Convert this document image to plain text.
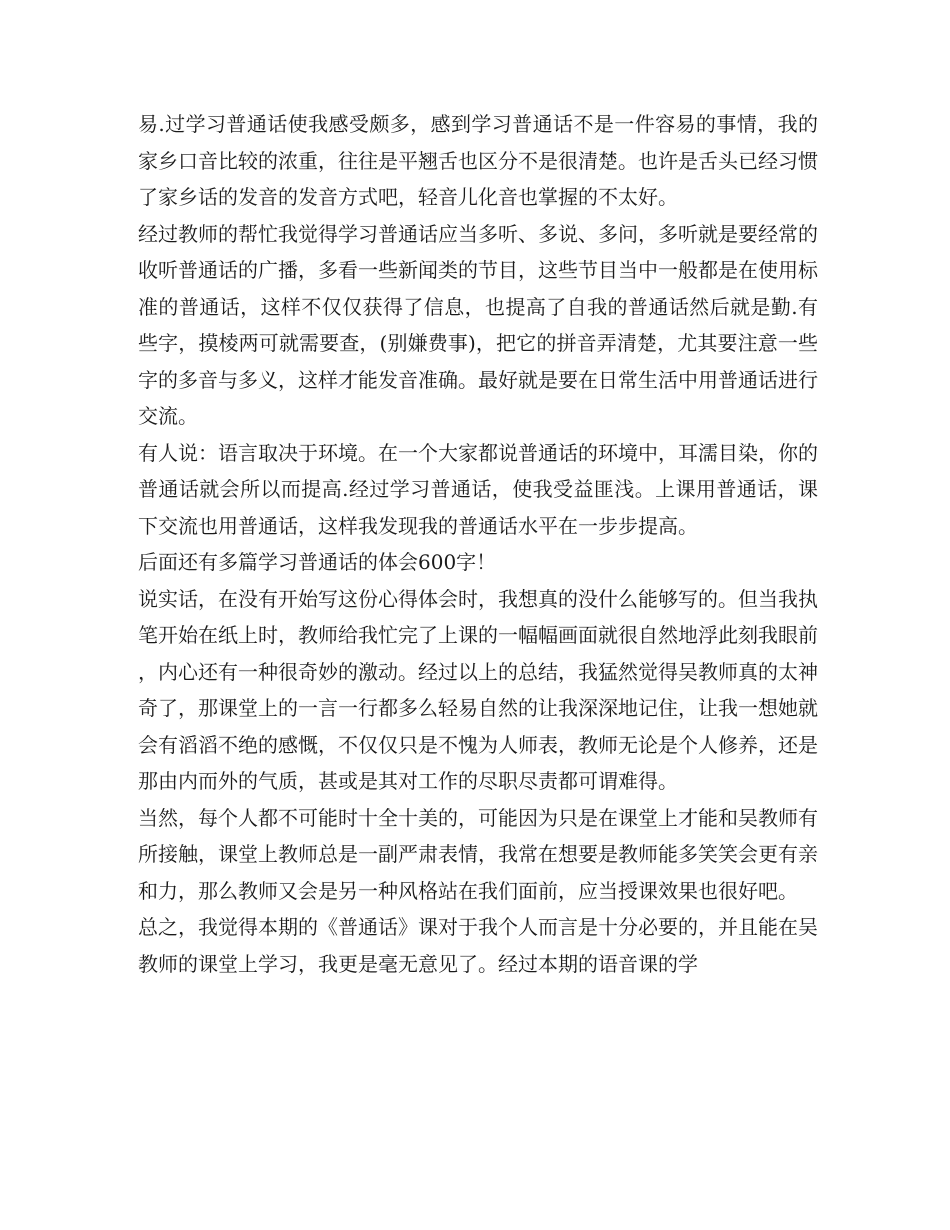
易.过学习普通话使我感受颇多，感到学习普通话不是一件容易的事情，我的家乡口音比较的浓重，往往是平翘舌也区分不是很清楚。也许是舌头已经习惯了家乡话的发音的发音方式吧，轻音儿化音也掌握的不太好。

经过教师的帮忙我觉得学习普通话应当多听、多说、多问，多听就是要经常的收听普通话的广播，多看一些新闻类的节目，这些节目当中一般都是在使用标准的普通话，这样不仅仅获得了信息，也提高了自我的普通话然后就是勤.有些字，摸棱两可就需要查，(别嫌费事)，把它的拼音弄清楚，尤其要注意一些字的多音与多义，这样才能发音准确。最好就是要在日常生活中用普通话进行交流。

有人说：语言取决于环境。在一个大家都说普通话的环境中，耳濡目染，你的普通话就会所以而提高.经过学习普通话，使我受益匪浅。上课用普通话，课下交流也用普通话，这样我发现我的普通话水平在一步步提高。

后面还有多篇学习普通话的体会600字！

说实话，在没有开始写这份心得体会时，我想真的没什么能够写的。但当我执笔开始在纸上时，教师给我忙完了上课的一幅幅画面就很自然地浮此刻我眼前，内心还有一种很奇妙的激动。经过以上的总结，我猛然觉得吴教师真的太神奇了，那课堂上的一言一行都多么轻易自然的让我深深地记住，让我一想她就会有滔滔不绝的感慨，不仅仅只是不愧为人师表，教师无论是个人修养，还是那由内而外的气质，甚或是其对工作的尽职尽责都可谓难得。

当然，每个人都不可能时十全十美的，可能因为只是在课堂上才能和吴教师有所接触，课堂上教师总是一副严肃表情，我常在想要是教师能多笑笑会更有亲和力，那么教师又会是另一种风格站在我们面前，应当授课效果也很好吧。

总之，我觉得本期的《普通话》课对于我个人而言是十分必要的，并且能在吴教师的课堂上学习，我更是毫无意见了。经过本期的语音课的学
